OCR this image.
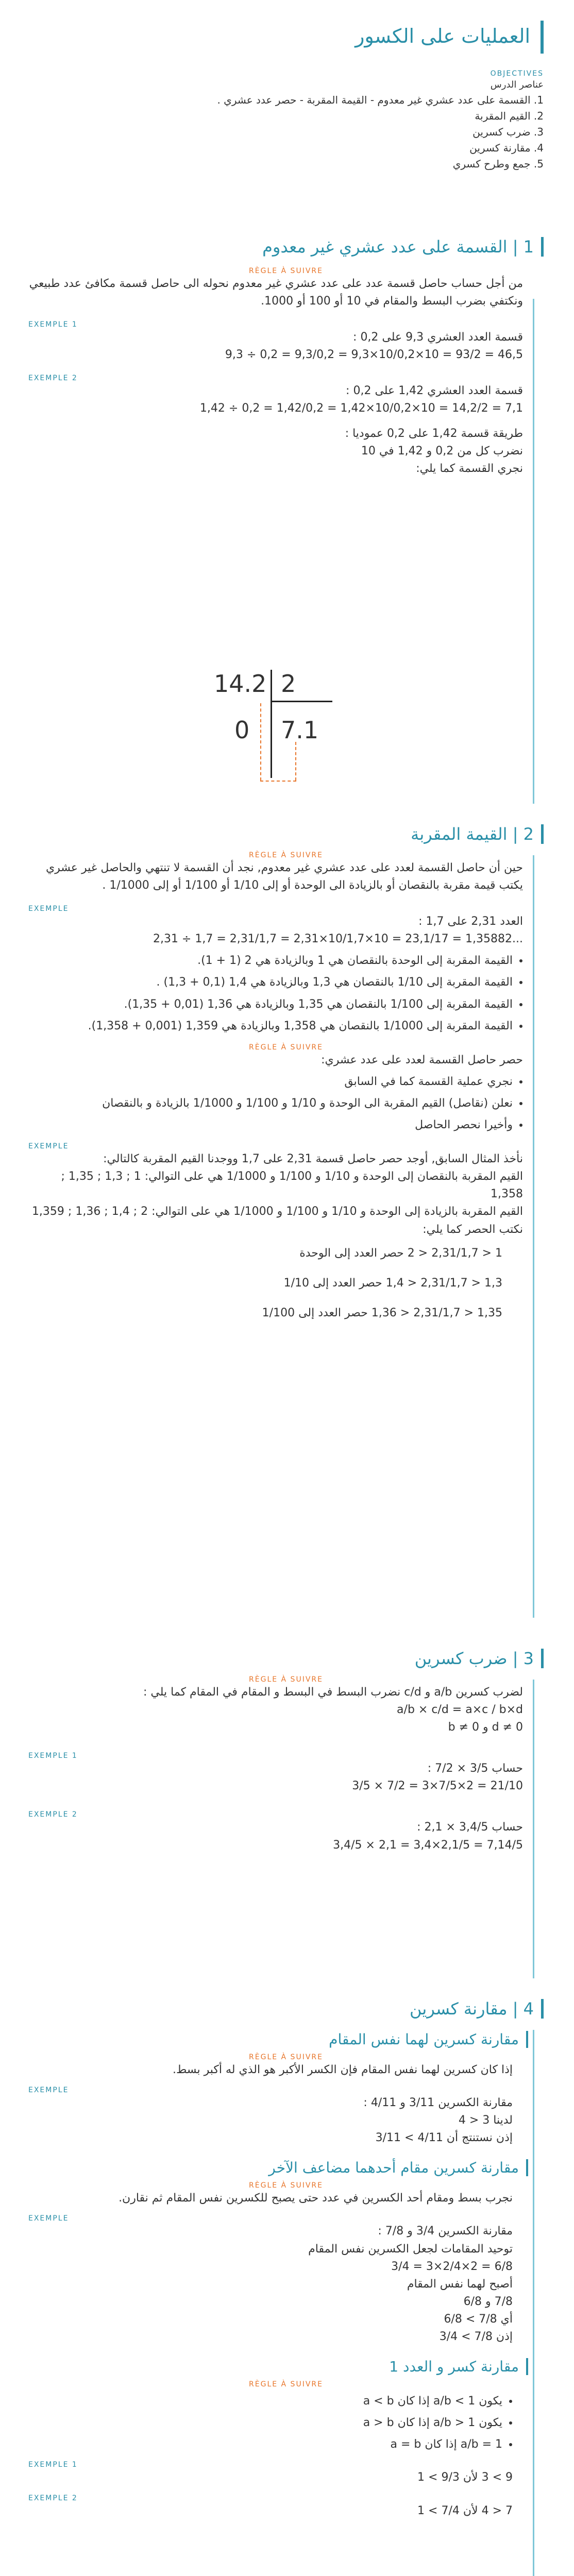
العمليات على الكسور
OBJECTIVES
عناصر الدرس
1. القسمة على عدد عشري غير معدوم - القيمة المقربة - حصر عدد عشري .
2. القيم المقربة
3. ضرب كسرين
4. مقارنة كسرين
5. جمع وطرح كسري
1 | القسمة على عدد عشري غير معدوم
RÈGLE À SUIVRE
من أجل حساب حاصل قسمة عدد على عدد عشري غير معدوم نحوله الى حاصل قسمة مكافئ عدد طبيعي ونكتفي بضرب البسط والمقام في 10 أو 100 أو 1000.
EXEMPLE 1
قسمة العدد العشري 9,3 على 0,2 :
9,3 ÷ 0,2 = 9,3/0,2 = 9,3×10/0,2×10 = 93/2 = 46,5
EXEMPLE 2
قسمة العدد العشري 1,42 على 0,2 :
1,42 ÷ 0,2 = 1,42/0,2 = 1,42×10/0,2×10 = 14,2/2 = 7,1
طريقة قسمة 1,42 على 0,2 عموديا :
نضرب كل من 0,2 و 1,42 في 10
نجري القسمة كما يلي:
14.2 2
0 7.1
2 | القيمة المقربة
RÈGLE À SUIVRE
حين أن حاصل القسمة لعدد على عدد عشري غير معدوم, نجد أن القسمة لا تنتهي والحاصل غير عشري يكتب قيمة مقربة بالنقصان أو بالزيادة الى الوحدة أو إلى 1/10 أو 1/100 أو إلى 1/1000 .
EXEMPLE
العدد 2,31 على 1,7 :
2,31 ÷ 1,7 = 2,31/1,7 = 2,31×10/1,7×10 = 23,1/17 = 1,35882...
• القيمة المقربة إلى الوحدة بالنقصان هي 1 وبالزيادة هي 2 (1 + 1).
• القيمة المقربة إلى 1/10 بالنقصان هي 1,3 وبالزيادة هي 1,4 (0,1 + 1,3) .
• القيمة المقربة إلى 1/100 بالنقصان هي 1,35 وبالزيادة هي 1,36 (0,01 + 1,35).
• القيمة المقربة إلى 1/1000 بالنقصان هي 1,358 وبالزيادة هي 1,359 (0,001 + 1,358).
RÈGLE À SUIVRE
حصر حاصل القسمة لعدد على عدد عشري:
• نجري عملية القسمة كما في السابق
• نعلن (نقاصل) القيم المقربة الى الوحدة و 1/10 و 1/100 و 1/1000 بالزيادة و بالنقصان
• وأخيرا نحصر الحاصل
EXEMPLE
نأخذ المثال السابق, أوجد حصر حاصل قسمة 2,31 على 1,7 ووجدنا القيم المقربة كالتالي:
القيم المقربة بالنقصان إلى الوحدة و 1/10 و 1/100 و 1/1000 هي على التوالي: 1 ; 1,3 ; 1,35 ; 1,358
القيم المقربة بالزيادة إلى الوحدة و 1/10 و 1/100 و 1/1000 هي على التوالي: 2 ; 1,4 ; 1,36 ; 1,359
نكتب الحصر كما يلي:
1 < 2,31/1,7 < 2 حصر العدد إلى الوحدة
1,3 < 2,31/1,7 < 1,4 حصر العدد إلى 1/10
1,35 < 2,31/1,7 < 1,36 حصر العدد إلى 1/100
3 | ضرب كسرين
RÈGLE À SUIVRE
لضرب كسرين a/b و c/d نضرب البسط في البسط و المقام في المقام كما يلي :
a/b × c/d = a×c / b×d
b ≠ 0 و d ≠ 0
EXEMPLE 1
حساب 3/5 × 7/2 :
3/5 × 7/2 = 3×7/5×2 = 21/10
EXEMPLE 2
حساب 3,4/5 × 2,1 :
3,4/5 × 2,1 = 3,4×2,1/5 = 7,14/5
4 | مقارنة كسرين
مقارنة كسرين لهما نفس المقام
RÈGLE À SUIVRE
إذا كان كسرين لهما نفس المقام فإن الكسر الأكبر هو الذي له أكبر بسط.
EXEMPLE
مقارنة الكسرين 3/11 و 4/11 :
لدينا 3 < 4
إذن نستنتج أن 4/11 > 3/11
مقارنة كسرين مقام أحدهما مضاعف الآخر
RÈGLE À SUIVRE
نجرب بسط ومقام أحد الكسرين في عدد حتى يصبح للكسرين نفس المقام ثم نقارن.
EXEMPLE
مقارنة الكسرين 3/4 و 7/8 :
توحيد المقامات لجعل الكسرين نفس المقام
3/4 = 3×2/4×2 = 6/8
أصبح لهما نفس المقام
7/8 و 6/8
أي 7/8 > 6/8
إذن 7/8 > 3/4
مقارنة كسر و العدد 1
RÈGLE À SUIVRE
• يكون a/b < 1 إذا كان a < b
• يكون a/b > 1 إذا كان a > b
• a/b = 1 إذا كان a = b
EXEMPLE 1
9 > 3 لأن 9/3 > 1
EXEMPLE 2
7 < 4 لأن 7/4 > 1
